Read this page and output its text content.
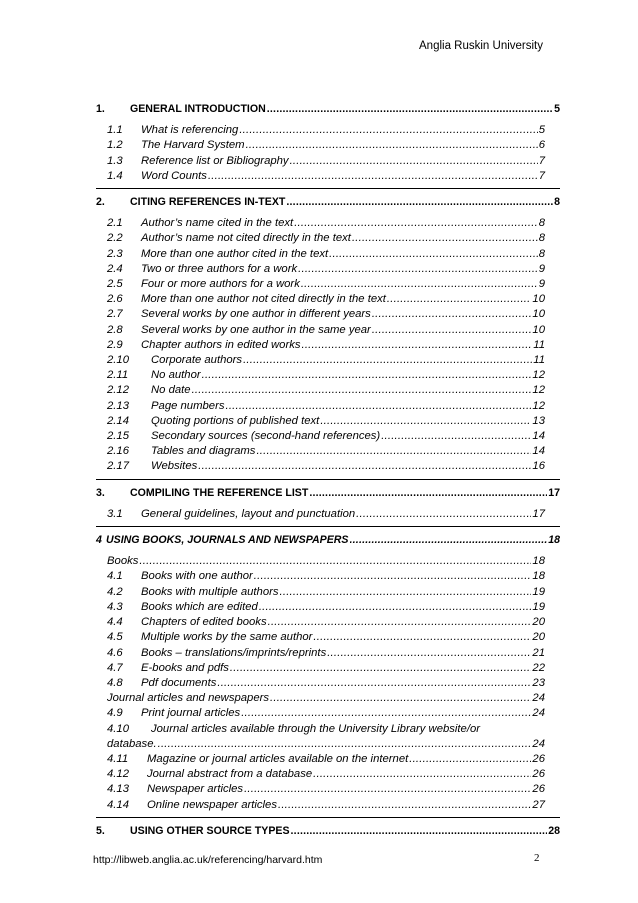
Anglia Ruskin University
1.	GENERAL INTRODUCTION .....	5
1.1	What is referencing .....	5
1.2	The Harvard System .....	6
1.3	Reference list or Bibliography .....	7
1.4	Word Counts .....	7
2.	CITING REFERENCES IN-TEXT .....	8
2.1	Author’s name cited in the text .....	8
2.2	Author’s name not cited directly in the text .....	8
2.3	More than one author cited in the text .....	8
2.4	Two or three authors for a work .....	9
2.5	Four or more authors for a work .....	9
2.6	More than one author not cited directly in the text .....	10
2.7	Several works by one author in different years .....	10
2.8	Several works by one author in the same year .....	10
2.9	Chapter authors in edited works .....	11
2.10	Corporate authors .....	11
2.11	No author .....	12
2.12	No date .....	12
2.13	Page numbers .....	12
2.14	Quoting portions of published text .....	13
2.15	Secondary sources (second-hand references) .....	14
2.16	Tables and diagrams .....	14
2.17	Websites .....	16
3.	COMPILING THE REFERENCE LIST .....	17
3.1	General guidelines, layout and punctuation .....	17
4 USING BOOKS, JOURNALS AND NEWSPAPERS .....	18
Books .....	18
4.1	Books with one author .....	18
4.2	Books with multiple authors .....	19
4.3	Books which are edited .....	19
4.4	Chapters of edited books .....	20
4.5	Multiple works by the same author .....	20
4.6	Books – translations/imprints/reprints .....	21
4.7	E-books and pdfs .....	22
4.8	Pdf documents .....	23
Journal articles and newspapers .....	24
4.9	Print journal articles .....	24
4.10	Journal articles available through the University Library website/or
database. .....	24
4.11	Magazine or journal articles available on the internet .....	26
4.12	Journal abstract from a database .....	26
4.13	Newspaper articles .....	26
4.14	Online newspaper articles .....	27
5.	USING OTHER SOURCE TYPES .....	28
http://libweb.anglia.ac.uk/referencing/harvard.htm	2
